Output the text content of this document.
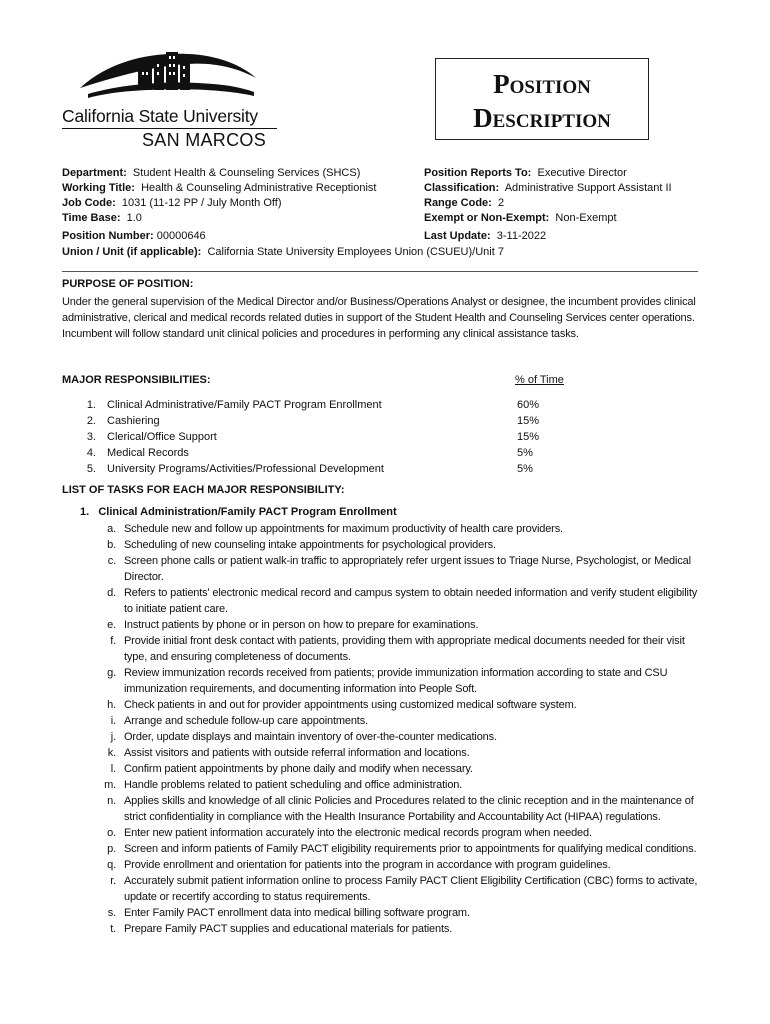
California State University
SAN MARCOS
Position
Description
Department: Student Health & Counseling Services (SHCS)
Working Title: Health & Counseling Administrative Receptionist
Job Code: 1031 (11-12 PP / July Month Off)
Time Base: 1.0
Position Number: 00000646
Union / Unit (if applicable): California State University Employees Union (CSUEU)/Unit 7
Position Reports To: Executive Director
Classification: Administrative Support Assistant II
Range Code: 2
Exempt or Non-Exempt: Non-Exempt
Last Update: 3-11-2022
PURPOSE OF POSITION:
Under the general supervision of the Medical Director and/or Business/Operations Analyst or designee, the incumbent provides clinical administrative, clerical and medical records related duties in support of the Student Health and Counseling Services center operations. Incumbent will follow standard unit clinical policies and procedures in performing any clinical assistance tasks.
MAJOR RESPONSIBILITIES:	% of Time
1. Clinical Administrative/Family PACT Program Enrollment	60%
2. Cashiering	15%
3. Clerical/Office Support	15%
4. Medical Records	5%
5. University Programs/Activities/Professional Development	5%
LIST OF TASKS FOR EACH MAJOR RESPONSIBILITY:
1. Clinical Administration/Family PACT Program Enrollment
a. Schedule new and follow up appointments for maximum productivity of health care providers.
b. Scheduling of new counseling intake appointments for psychological providers.
c. Screen phone calls or patient walk-in traffic to appropriately refer urgent issues to Triage Nurse, Psychologist, or Medical Director.
d. Refers to patients' electronic medical record and campus system to obtain needed information and verify student eligibility to initiate patient care.
e. Instruct patients by phone or in person on how to prepare for examinations.
f. Provide initial front desk contact with patients, providing them with appropriate medical documents needed for their visit type, and ensuring completeness of documents.
g. Review immunization records received from patients; provide immunization information according to state and CSU immunization requirements, and documenting information into People Soft.
h. Check patients in and out for provider appointments using customized medical software system.
i. Arrange and schedule follow-up care appointments.
j. Order, update displays and maintain inventory of over-the-counter medications.
k. Assist visitors and patients with outside referral information and locations.
l. Confirm patient appointments by phone daily and modify when necessary.
m. Handle problems related to patient scheduling and office administration.
n. Applies skills and knowledge of all clinic Policies and Procedures related to the clinic reception and in the maintenance of strict confidentiality in compliance with the Health Insurance Portability and Accountability Act (HIPAA) regulations.
o. Enter new patient information accurately into the electronic medical records program when needed.
p. Screen and inform patients of Family PACT eligibility requirements prior to appointments for qualifying medical conditions.
q. Provide enrollment and orientation for patients into the program in accordance with program guidelines.
r. Accurately submit patient information online to process Family PACT Client Eligibility Certification (CBC) forms to activate, update or recertify according to status requirements.
s. Enter Family PACT enrollment data into medical billing software program.
t. Prepare Family PACT supplies and educational materials for patients.
